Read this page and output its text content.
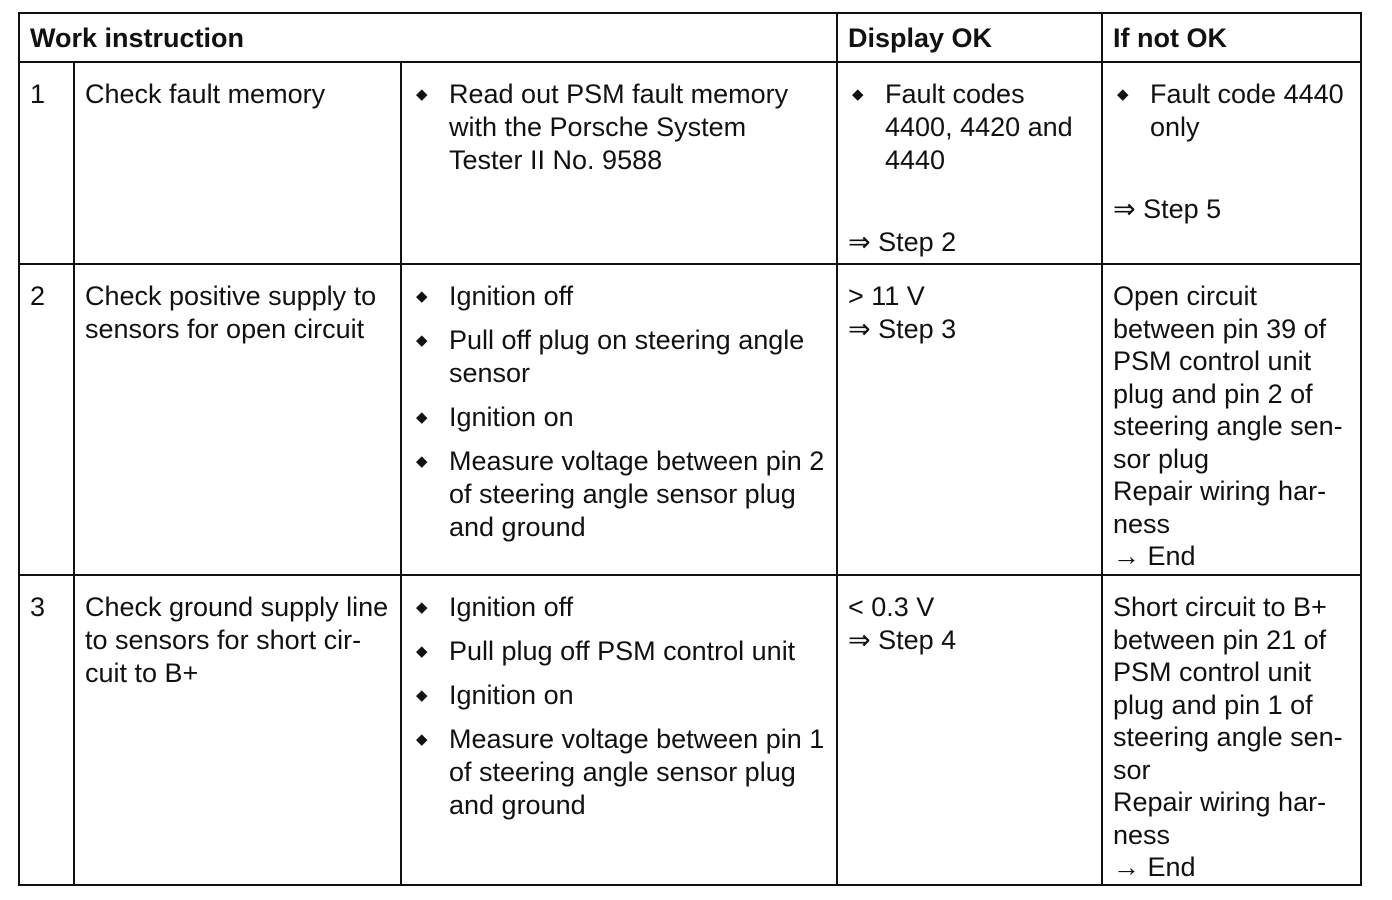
Work instruction	Display OK	If not OK
1	Check fault memory
◆	Read out PSM fault memory with the Porsche System Tester II No. 9588
◆ Fault codes 4400, 4420 and 4440
⇒ Step 2
◆ Fault code 4440 only
⇒ Step 5
2	Check positive supply to sensors for open circuit
◆ Ignition off
◆ Pull off plug on steering angle sensor
◆ Ignition on
◆ Measure voltage between pin 2 of steering angle sensor plug and ground
> 11 V
⇒ Step 3
Open circuit between pin 39 of PSM control unit plug and pin 2 of steering angle sen-sor plug
Repair wiring har-ness
→ End
3	Check ground supply line to sensors for short cir-cuit to B+
◆ Ignition off
◆ Pull plug off PSM control unit
◆ Ignition on
◆ Measure voltage between pin 1 of steering angle sensor plug and ground
< 0.3 V
⇒ Step 4
Short circuit to B+ between pin 21 of PSM control unit plug and pin 1 of steering angle sen-sor
Repair wiring har-ness
→ End
